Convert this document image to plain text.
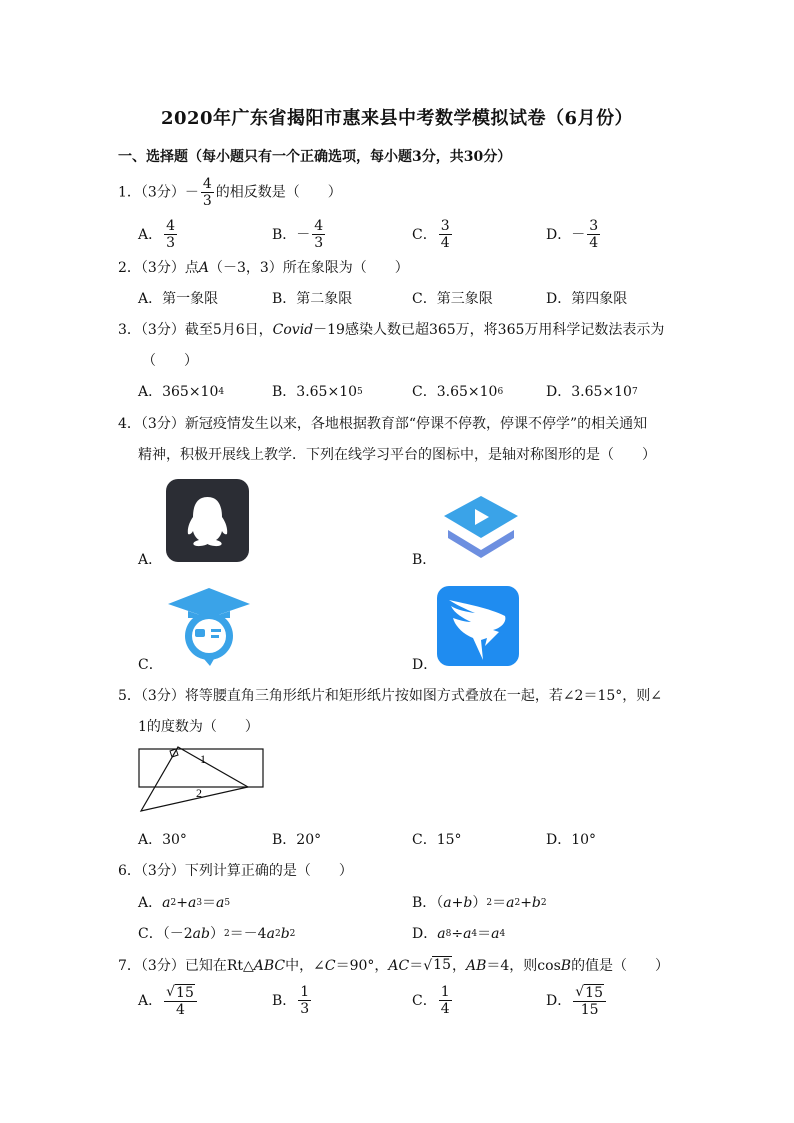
2020年广东省揭阳市惠来县中考数学模拟试卷（6月份）
一、选择题（每小题只有一个正确选项，每小题3分，共30分）
1．（3分）－ $\frac{4}{3}$ 的相反数是（　　）
A． $\frac{4}{3}$	B． － $\frac{4}{3}$	C． $\frac{3}{4}$	D． － $\frac{3}{4}$
2．（3分）点A（－3，3）所在象限为（　　）
A．第一象限	B．第二象限	C．第三象限	D．第四象限
3．（3分）截至5月6日，Covid－19感染人数已超365万，将365万用科学记数法表示为
（　　）
A．365×10 4	B．3.65×10 5	C．3.65×10 6	D．3.65×10 7
4．（3分）新冠疫情发生以来，各地根据教育部“停课不停教，停课不停学”的相关通知
精神，积极开展线上教学．下列在线学习平台的图标中，是轴对称图形的是（　　）
A．	B．
C．	D．
5．（3分）将等腰直角三角形纸片和矩形纸片按如图方式叠放在一起，若∠2＝15°，则∠
1的度数为（　　）
1
2
A．30°	B．20°	C．15°	D．10°
6．（3分）下列计算正确的是（　　）
A． a 2 + a 3 ＝ a 5	B．（ a + b ） 2 ＝ a 2 + b 2
C．（－2 ab ） 2 ＝－4 a 2 b 2	D． a 8 ÷ a 4 ＝ a 4
7．（3分）已知在Rt△ABC中，∠C＝90°，AC＝ √ 15 ，AB＝4，则cosB的值是（　　）
A． $\frac{√ 15}{4}$	B． $\frac{1}{3}$	C． $\frac{1}{4}$	D． $\frac{√ 15}{15}$
